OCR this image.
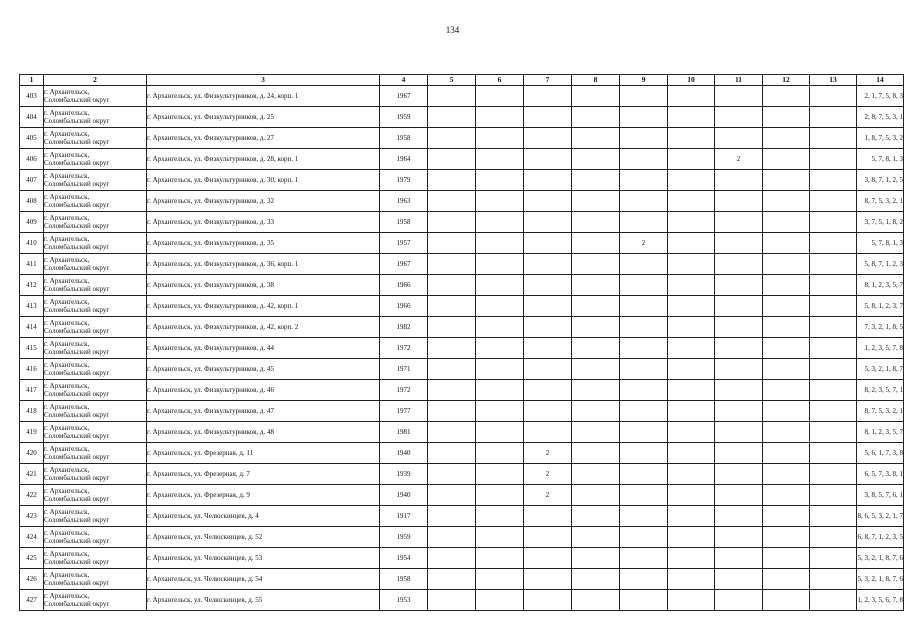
134
1	2	3	4	5	6	7	8	9	10	11	12	13	14
403	г. Архангельск,
Соломбальский округ	г. Архангельск, ул. Физкультурников, д. 24, корп. 1	1967										2, 1, 7, 5, 8, 3
404	г. Архангельск,
Соломбальский округ	г. Архангельск, ул. Физкультурников, д. 25	1959										2, 8, 7, 5, 3, 1
405	г. Архангельск,
Соломбальский округ	г. Архангельск, ул. Физкультурников, д. 27	1958										1, 8, 7, 5, 3, 2
406	г. Архангельск,
Соломбальский округ	г. Архангельск, ул. Физкультурников, д. 28, корп. 1	1964							2			5, 7, 8, 1, 3
407	г. Архангельск,
Соломбальский округ	г. Архангельск, ул. Физкультурников, д. 30, корп. 1	1979										3, 8, 7, 1, 2, 5
408	г. Архангельск,
Соломбальский округ	г. Архангельск, ул. Физкультурников, д. 32	1963										8, 7, 5, 3, 2, 1
409	г. Архангельск,
Соломбальский округ	г. Архангельск, ул. Физкультурников, д. 33	1958										3, 7, 5, 1, 8, 2
410	г. Архангельск,
Соломбальский округ	г. Архангельск, ул. Физкультурников, д. 35	1957					2					5, 7, 8, 1, 3
411	г. Архангельск,
Соломбальский округ	г. Архангельск, ул. Физкультурников, д. 36, корп. 1	1967										5, 8, 7, 1, 2, 3
412	г. Архангельск,
Соломбальский округ	г. Архангельск, ул. Физкультурников, д. 38	1966										8, 1, 2, 3, 5, 7
413	г. Архангельск,
Соломбальский округ	г. Архангельск, ул. Физкультурников, д. 42, корп. 1	1966										5, 8, 1, 2, 3, 7
414	г. Архангельск,
Соломбальский округ	г. Архангельск, ул. Физкультурников, д. 42, корп. 2	1982										7, 3, 2, 1, 8, 5
415	г. Архангельск,
Соломбальский округ	г. Архангельск, ул. Физкультурников, д. 44	1972										1, 2, 3, 5, 7, 8
416	г. Архангельск,
Соломбальский округ	г. Архангельск, ул. Физкультурников, д. 45	1971										5, 3, 2, 1, 8, 7
417	г. Архангельск,
Соломбальский округ	г. Архангельск, ул. Физкультурников, д. 46	1972										8, 2, 3, 5, 7, 1
418	г. Архангельск,
Соломбальский округ	г. Архангельск, ул. Физкультурников, д. 47	1977										8, 7, 5, 3, 2, 1
419	г. Архангельск,
Соломбальский округ	г. Архангельск, ул. Физкультурников, д. 48	1981										8, 1, 2, 3, 5, 7
420	г. Архангельск,
Соломбальский округ	г. Архангельск, ул. Фрезерная, д. 11	1940			2							5, 6, 1, 7, 3, 8
421	г. Архангельск,
Соломбальский округ	г. Архангельск, ул. Фрезерная, д. 7	1939			2							6, 5, 7, 3, 8, 1
422	г. Архангельск,
Соломбальский округ	г. Архангельск, ул. Фрезерная, д. 9	1940			2							3, 8, 5, 7, 6, 1
423	г. Архангельск,
Соломбальский округ	г. Архангельск, ул. Челюскинцев, д. 4	1917										8, 6, 5, 3, 2, 1, 7
424	г. Архангельск,
Соломбальский округ	г. Архангельск, ул. Челюскинцев, д. 52	1959										6, 8, 7, 1, 2, 3, 5
425	г. Архангельск,
Соломбальский округ	г. Архангельск, ул. Челюскинцев, д. 53	1954										5, 3, 2, 1, 8, 7, 6
426	г. Архангельск,
Соломбальский округ	г. Архангельск, ул. Челюскинцев, д. 54	1958										5, 3, 2, 1, 8, 7, 6
427	г. Архангельск,
Соломбальский округ	г. Архангельск, ул. Челюскинцев, д. 55	1953										1, 2, 3, 5, 6, 7, 8
